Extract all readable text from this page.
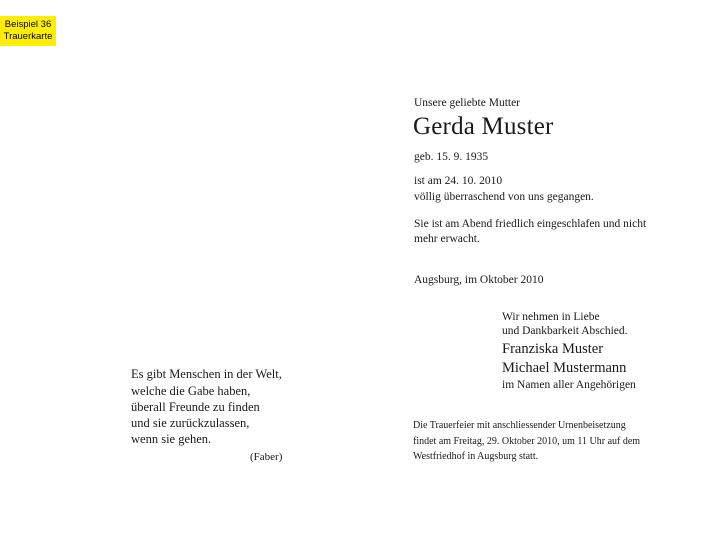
Beispiel 36
Trauerkarte
Unsere geliebte Mutter
Gerda Muster
geb. 15. 9. 1935
ist am 24. 10. 2010
völlig überraschend von uns gegangen.
Sie ist am Abend friedlich eingeschlafen und nicht
mehr erwacht.
Augsburg, im Oktober 2010
Wir nehmen in Liebe
und Dankbarkeit Abschied.
Franziska Muster
Michael Mustermann
im Namen aller Angehörigen
Die Trauerfeier mit anschliessender Urnenbeisetzung
findet am Freitag, 29. Oktober 2010, um 11 Uhr auf dem
Westfriedhof in Augsburg statt.
Es gibt Menschen in der Welt,
welche die Gabe haben,
überall Freunde zu finden
und sie zurückzulassen,
wenn sie gehen.
(Faber)
